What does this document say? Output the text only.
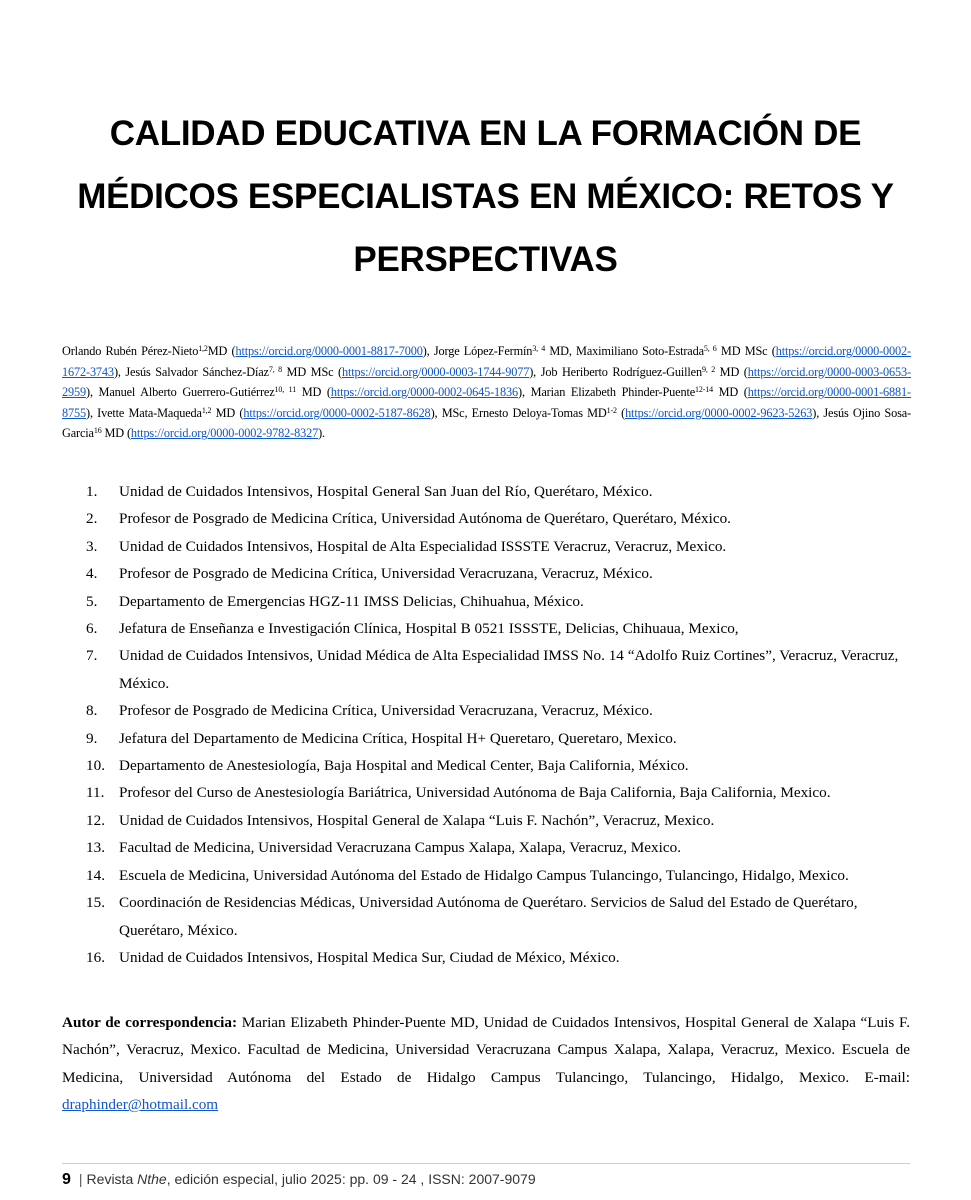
CALIDAD EDUCATIVA EN LA FORMACIÓN DE
MÉDICOS ESPECIALISTAS EN MÉXICO: RETOS Y
PERSPECTIVAS
Orlando Rubén Pérez-Nieto$^{1,2}$MD (https://orcid.org/0000-0001-8817-7000), Jorge López-Fermín$^{3, 4}$ MD, Maximiliano Soto-Estrada$^{5, 6}$ MD MSc (https://orcid.org/0000-0002-1672-3743), Jesús Salvador Sánchez-Díaz$^{7, 8}$ MD MSc (https://orcid.org/0000-0003-1744-9077), Job Heriberto Rodríguez-Guillen$^{9, 2}$ MD (https://orcid.org/0000-0003-0653-2959), Manuel Alberto Guerrero-Gutiérrez$^{10, 11}$ MD (https://orcid.org/0000-0002-0645-1836), Marian Elizabeth Phinder-Puente$^{12-14}$ MD (https://orcid.org/0000-0001-6881-8755), Ivette Mata-Maqueda$^{1,2}$ MD (https://orcid.org/0000-0002-5187-8628), MSc, Ernesto Deloya-Tomas MD$^{1-2}$ (https://orcid.org/0000-0002-9623-5263), Jesús Ojino Sosa-Garcia$^{16}$ MD (https://orcid.org/0000-0002-9782-8327).
1. Unidad de Cuidados Intensivos, Hospital General San Juan del Río, Querétaro, México.
2. Profesor de Posgrado de Medicina Crítica, Universidad Autónoma de Querétaro, Querétaro, México.
3. Unidad de Cuidados Intensivos, Hospital de Alta Especialidad ISSSTE Veracruz, Veracruz, Mexico.
4. Profesor de Posgrado de Medicina Crítica, Universidad Veracruzana, Veracruz, México.
5. Departamento de Emergencias HGZ-11 IMSS Delicias, Chihuahua, México.
6. Jefatura de Enseñanza e Investigación Clínica, Hospital B 0521 ISSSTE, Delicias, Chihuaua, Mexico,
7. Unidad de Cuidados Intensivos, Unidad Médica de Alta Especialidad IMSS No. 14 “Adolfo Ruiz Cortines”, Veracruz, Veracruz, México.
8. Profesor de Posgrado de Medicina Crítica, Universidad Veracruzana, Veracruz, México.
9. Jefatura del Departamento de Medicina Crítica, Hospital H+ Queretaro, Queretaro, Mexico.
10. Departamento de Anestesiología, Baja Hospital and Medical Center, Baja California, México.
11. Profesor del Curso de Anestesiología Bariátrica, Universidad Autónoma de Baja California, Baja California, Mexico.
12. Unidad de Cuidados Intensivos, Hospital General de Xalapa “Luis F. Nachón”, Veracruz, Mexico.
13. Facultad de Medicina, Universidad Veracruzana Campus Xalapa, Xalapa, Veracruz, Mexico.
14. Escuela de Medicina, Universidad Autónoma del Estado de Hidalgo Campus Tulancingo, Tulancingo, Hidalgo, Mexico.
15. Coordinación de Residencias Médicas, Universidad Autónoma de Querétaro. Servicios de Salud del Estado de Querétaro, Querétaro, México.
16. Unidad de Cuidados Intensivos, Hospital Medica Sur, Ciudad de México, México.
Autor de correspondencia: Marian Elizabeth Phinder-Puente MD, Unidad de Cuidados Intensivos, Hospital General de Xalapa “Luis F. Nachón”, Veracruz, Mexico. Facultad de Medicina, Universidad Veracruzana Campus Xalapa, Xalapa, Veracruz, Mexico. Escuela de Medicina, Universidad Autónoma del Estado de Hidalgo Campus Tulancingo, Tulancingo, Hidalgo, Mexico. E-mail: draphinder@hotmail.com
9 | Revista Nthe, edición especial, julio 2025: pp. 09 - 24 , ISSN: 2007-9079
